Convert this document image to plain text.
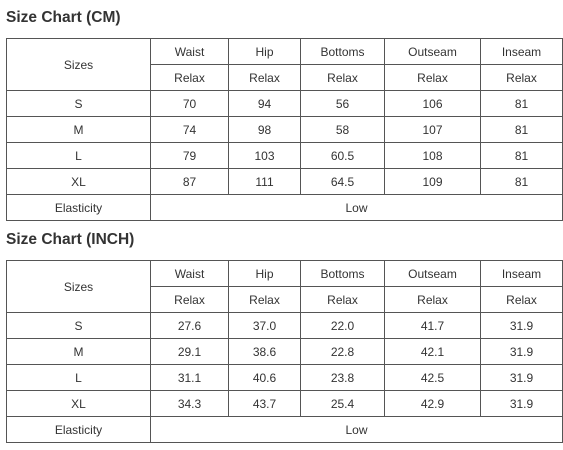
Size Chart (CM)
Sizes	Waist	Hip	Bottoms	Outseam	Inseam
	Relax	Relax	Relax	Relax	Relax
S	70	94	56	106	81
M	74	98	58	107	81
L	79	103	60.5	108	81
XL	87	111	64.5	109	81
Elasticity	Low				
Size Chart (INCH)
Sizes	Waist	Hip	Bottoms	Outseam	Inseam
	Relax	Relax	Relax	Relax	Relax
S	27.6	37.0	22.0	41.7	31.9
M	29.1	38.6	22.8	42.1	31.9
L	31.1	40.6	23.8	42.5	31.9
XL	34.3	43.7	25.4	42.9	31.9
Elasticity	Low				
